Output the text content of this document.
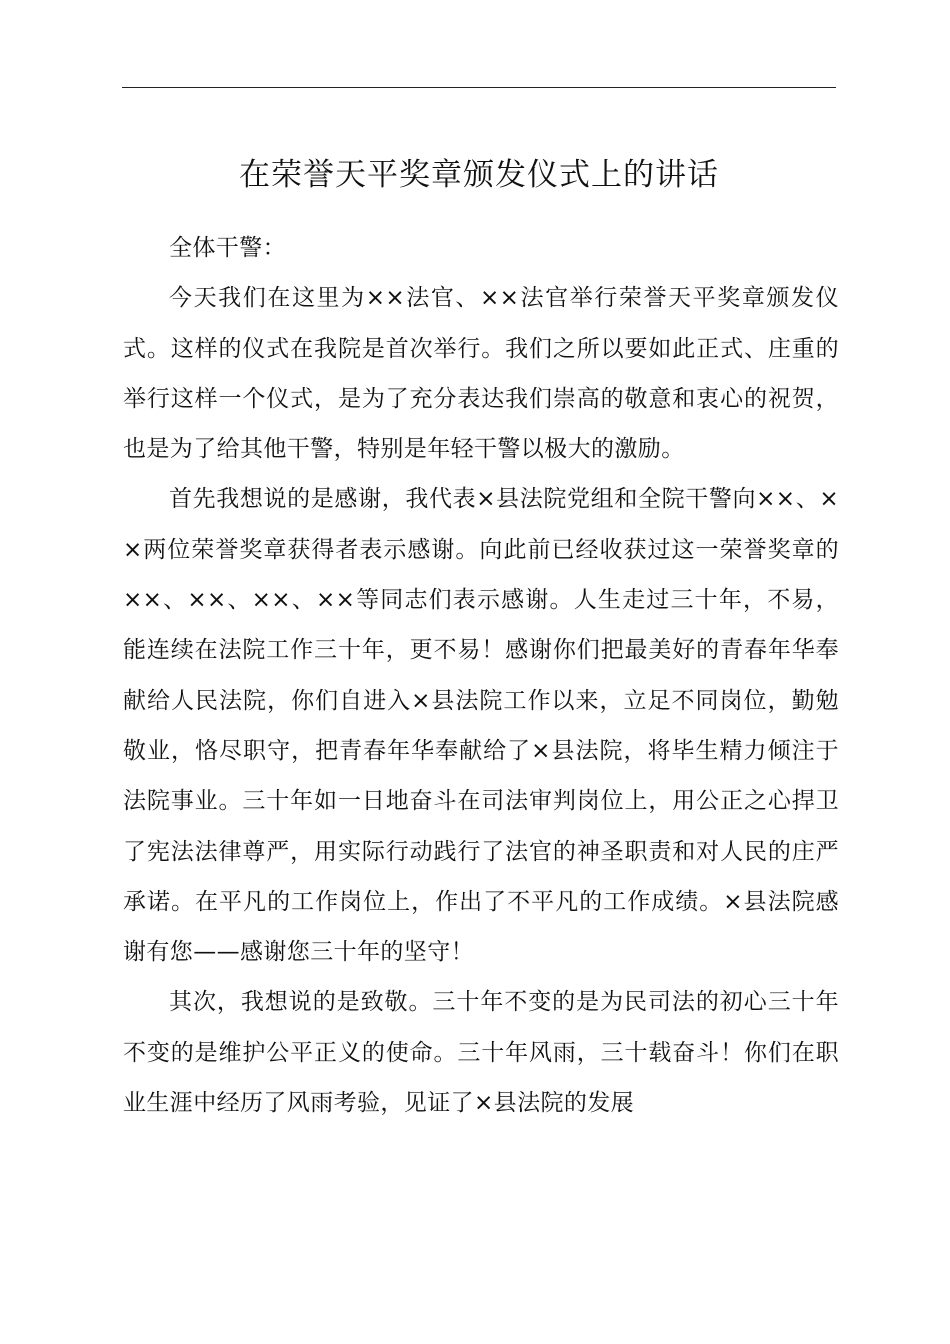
在荣誉天平奖章颁发仪式上的讲话

全体干警：

今天我们在这里为××法官、××法官举行荣誉天平奖章颁发仪式。这样的仪式在我院是首次举行。我们之所以要如此正式、庄重的举行这样一个仪式，是为了充分表达我们崇高的敬意和衷心的祝贺，也是为了给其他干警，特别是年轻干警以极大的激励。

首先我想说的是感谢，我代表×县法院党组和全院干警向××、××两位荣誉奖章获得者表示感谢。向此前已经收获过这一荣誉奖章的××、××、××、××等同志们表示感谢。人生走过三十年，不易，能连续在法院工作三十年，更不易！感谢你们把最美好的青春年华奉献给人民法院，你们自进入×县法院工作以来，立足不同岗位，勤勉敬业，恪尽职守，把青春年华奉献给了×县法院，将毕生精力倾注于法院事业。三十年如一日地奋斗在司法审判岗位上，用公正之心捍卫了宪法法律尊严，用实际行动践行了法官的神圣职责和对人民的庄严承诺。在平凡的工作岗位上，作出了不平凡的工作成绩。×县法院感谢有您——感谢您三十年的坚守！

其次，我想说的是致敬。三十年不变的是为民司法的初心三十年不变的是维护公平正义的使命。三十年风雨，三十载奋斗！你们在职业生涯中经历了风雨考验，见证了×县法院的发展
